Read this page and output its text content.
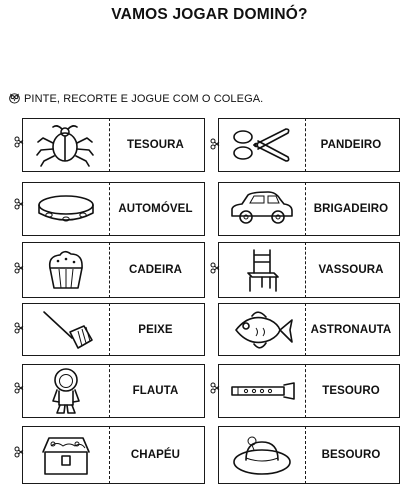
VAMOS JOGAR DOMINÓ?
PINTE, RECORTE E JOGUE COM O COLEGA.
TESOURA	PANDEIRO
AUTOMÓVEL	BRIGADEIRO
CADEIRA	VASSOURA
PEIXE	ASTRONAUTA
FLAUTA	TESOURO
CHAPÉU	BESOURO
